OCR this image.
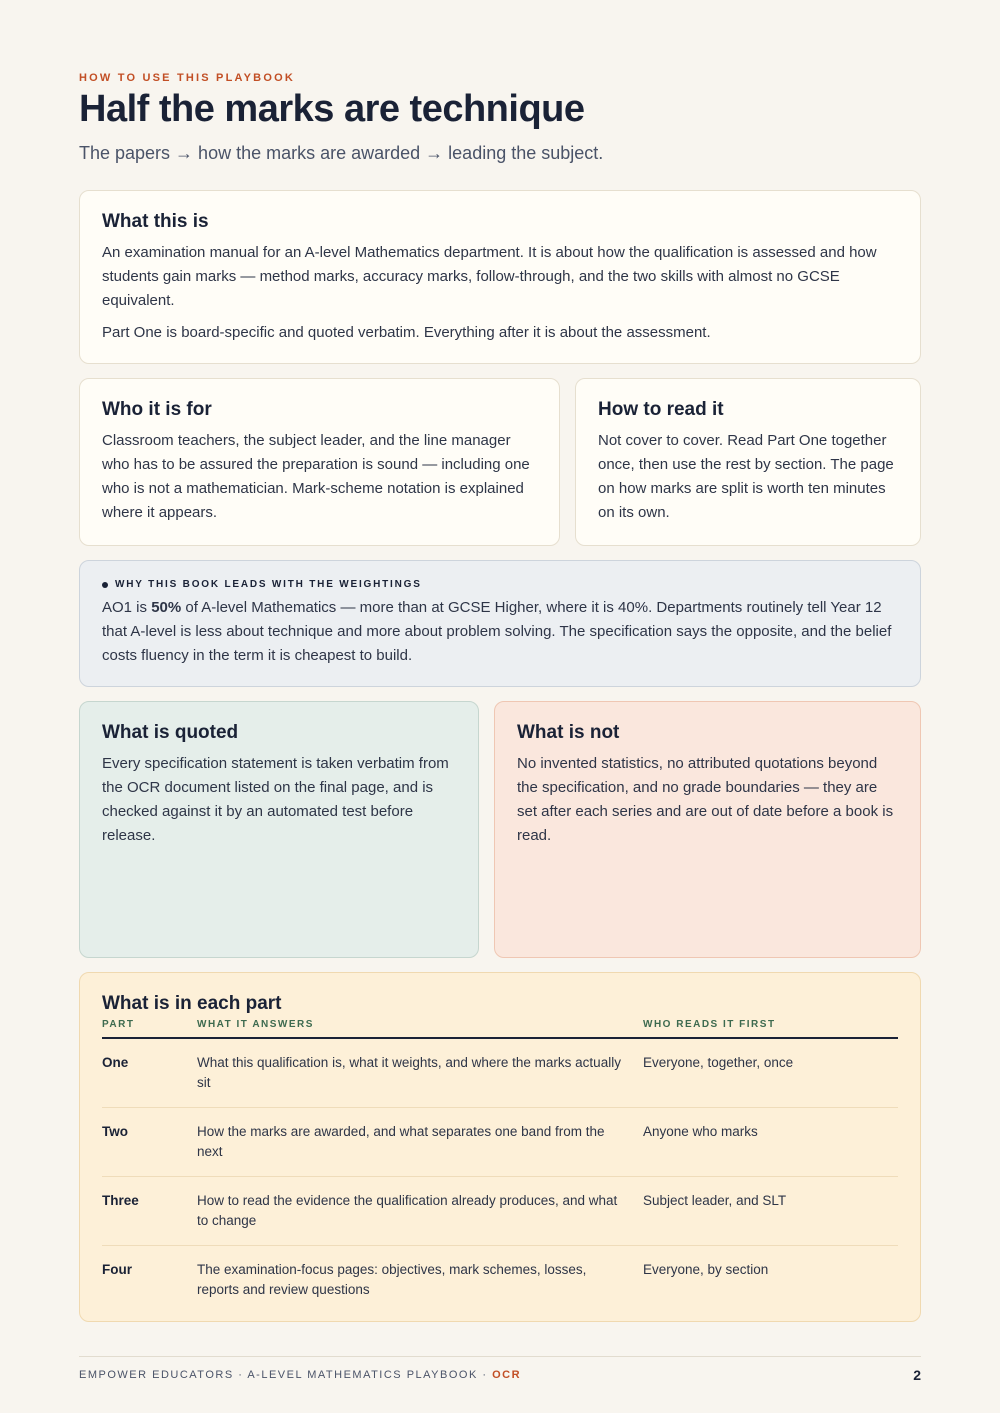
HOW TO USE THIS PLAYBOOK
Half the marks are technique
The papers → how the marks are awarded → leading the subject.
What this is

An examination manual for an A-level Mathematics department. It is about how the qualification is assessed and how students gain marks — method marks, accuracy marks, follow-through, and the two skills with almost no GCSE equivalent.

Part One is board-specific and quoted verbatim. Everything after it is about the assessment.

Who it is for

Classroom teachers, the subject leader, and the line manager who has to be assured the preparation is sound — including one who is not a mathematician. Mark-scheme notation is explained where it appears.

How to read it

Not cover to cover. Read Part One together once, then use the rest by section. The page on how marks are split is worth ten minutes on its own.

WHY THIS BOOK LEADS WITH THE WEIGHTINGS

AO1 is 50% of A-level Mathematics — more than at GCSE Higher, where it is 40%. Departments routinely tell Year 12 that A-level is less about technique and more about problem solving. The specification says the opposite, and the belief costs fluency in the term it is cheapest to build.

What is quoted

Every specification statement is taken verbatim from the OCR document listed on the final page, and is checked against it by an automated test before release.

What is not

No invented statistics, no attributed quotations beyond the specification, and no grade boundaries — they are set after each series and are out of date before a book is read.

What is in each part
PART	WHAT IT ANSWERS	WHO READS IT FIRST
One	What this qualification is, what it weights, and where the marks actually sit	Everyone, together, once
Two	How the marks are awarded, and what separates one band from the next	Anyone who marks
Three	How to read the evidence the qualification already produces, and what to change	Subject leader, and SLT
Four	The examination-focus pages: objectives, mark schemes, losses, reports and review questions	Everyone, by section
EMPOWER EDUCATORS · A-LEVEL MATHEMATICS PLAYBOOK · OCR	2
